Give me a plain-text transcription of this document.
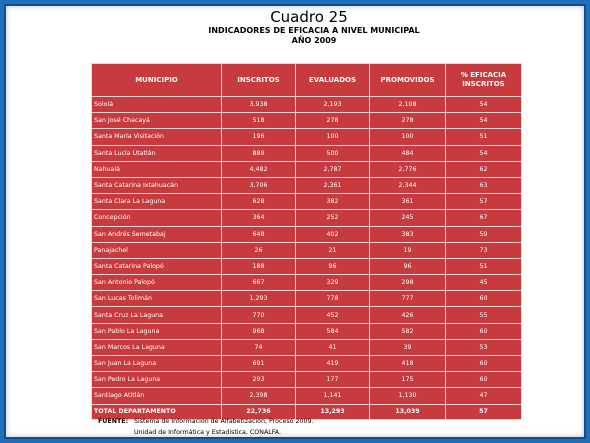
Cuadro 25
INDICADORES DE EFICACIA A NIVEL MUNICIPAL
AÑO 2009
MUNICIPIO	INSCRITOS	EVALUADOS	PROMOVIDOS	% EFICACIA INSCRITOS
Sololá	3,938	2,193	2,108	54
San José Chacayá	518	278	278	54
Santa María Visitación	196	100	100	51
Santa Lucía Utatlán	889	500	484	54
Nahualá	4,482	2,787	2,776	62
Santa Catarina Ixtahuacán	3,706	2,361	2,344	63
Santa Clara La Laguna	628	382	361	57
Concepción	364	252	245	67
San Andrés Semetabaj	648	402	383	59
Panajachel	26	21	19	73
Santa Catarina Palopó	188	96	96	51
San Antonio Palopó	667	329	298	45
San Lucas Tolimán	1,293	778	777	60
Santa Cruz La Laguna	770	452	426	55
San Pablo La Laguna	968	584	582	60
San Marcos La Laguna	74	41	39	53
San Juan La Laguna	691	419	418	60
San Pedro La Laguna	293	177	175	60
Santiago Atitlán	2,398	1,141	1,130	47
TOTAL DEPARTAMENTO	22,736	13,293	13,039	57
FUENTE: Sistema de Información de Alfabetización, Proceso 2009.
Unidad de Informática y Estadística, CONALFA.
